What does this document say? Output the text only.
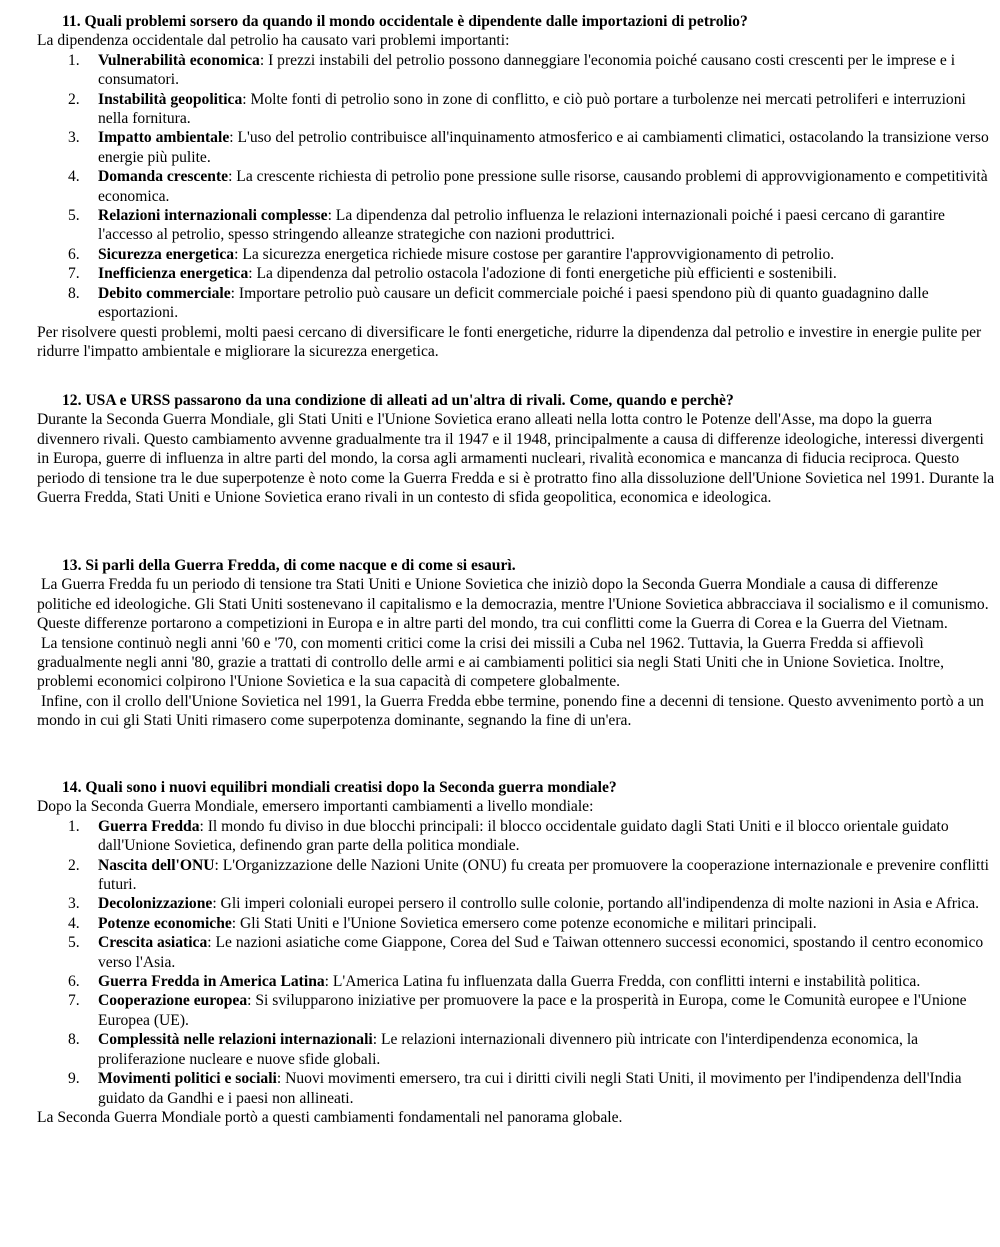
11. Quali problemi sorsero da quando il mondo occidentale è dipendente dalle importazioni di petrolio?

La dipendenza occidentale dal petrolio ha causato vari problemi importanti:

1. Vulnerabilità economica: I prezzi instabili del petrolio possono danneggiare l'economia poiché causano costi crescenti per le imprese e i consumatori.
2. Instabilità geopolitica: Molte fonti di petrolio sono in zone di conflitto, e ciò può portare a turbolenze nei mercati petroliferi e interruzioni nella fornitura.
3. Impatto ambientale: L'uso del petrolio contribuisce all'inquinamento atmosferico e ai cambiamenti climatici, ostacolando la transizione verso energie più pulite.
4. Domanda crescente: La crescente richiesta di petrolio pone pressione sulle risorse, causando problemi di approvvigionamento e competitività economica.
5. Relazioni internazionali complesse: La dipendenza dal petrolio influenza le relazioni internazionali poiché i paesi cercano di garantire l'accesso al petrolio, spesso stringendo alleanze strategiche con nazioni produttrici.
6. Sicurezza energetica: La sicurezza energetica richiede misure costose per garantire l'approvvigionamento di petrolio.
7. Inefficienza energetica: La dipendenza dal petrolio ostacola l'adozione di fonti energetiche più efficienti e sostenibili.
8. Debito commerciale: Importare petrolio può causare un deficit commerciale poiché i paesi spendono più di quanto guadagnino dalle esportazioni.

Per risolvere questi problemi, molti paesi cercano di diversificare le fonti energetiche, ridurre la dipendenza dal petrolio e investire in energie pulite per ridurre l'impatto ambientale e migliorare la sicurezza energetica.

12. USA e URSS passarono da una condizione di alleati ad un'altra di rivali. Come, quando e perchè?

Durante la Seconda Guerra Mondiale, gli Stati Uniti e l'Unione Sovietica erano alleati nella lotta contro le Potenze dell'Asse, ma dopo la guerra divennero rivali. Questo cambiamento avvenne gradualmente tra il 1947 e il 1948, principalmente a causa di differenze ideologiche, interessi divergenti in Europa, guerre di influenza in altre parti del mondo, la corsa agli armamenti nucleari, rivalità economica e mancanza di fiducia reciproca. Questo periodo di tensione tra le due superpotenze è noto come la Guerra Fredda e si è protratto fino alla dissoluzione dell'Unione Sovietica nel 1991. Durante la Guerra Fredda, Stati Uniti e Unione Sovietica erano rivali in un contesto di sfida geopolitica, economica e ideologica.

13. Si parli della Guerra Fredda, di come nacque e di come si esaurì.

La Guerra Fredda fu un periodo di tensione tra Stati Uniti e Unione Sovietica che iniziò dopo la Seconda Guerra Mondiale a causa di differenze politiche ed ideologiche. Gli Stati Uniti sostenevano il capitalismo e la democrazia, mentre l'Unione Sovietica abbracciava il socialismo e il comunismo. Queste differenze portarono a competizioni in Europa e in altre parti del mondo, tra cui conflitti come la Guerra di Corea e la Guerra del Vietnam.

La tensione continuò negli anni '60 e '70, con momenti critici come la crisi dei missili a Cuba nel 1962. Tuttavia, la Guerra Fredda si affievolì gradualmente negli anni '80, grazie a trattati di controllo delle armi e ai cambiamenti politici sia negli Stati Uniti che in Unione Sovietica. Inoltre, problemi economici colpirono l'Unione Sovietica e la sua capacità di competere globalmente.

Infine, con il crollo dell'Unione Sovietica nel 1991, la Guerra Fredda ebbe termine, ponendo fine a decenni di tensione. Questo avvenimento portò a un mondo in cui gli Stati Uniti rimasero come superpotenza dominante, segnando la fine di un'era.

14. Quali sono i nuovi equilibri mondiali creatisi dopo la Seconda guerra mondiale?

Dopo la Seconda Guerra Mondiale, emersero importanti cambiamenti a livello mondiale:

1. Guerra Fredda: Il mondo fu diviso in due blocchi principali: il blocco occidentale guidato dagli Stati Uniti e il blocco orientale guidato dall'Unione Sovietica, definendo gran parte della politica mondiale.
2. Nascita dell'ONU: L'Organizzazione delle Nazioni Unite (ONU) fu creata per promuovere la cooperazione internazionale e prevenire conflitti futuri.
3. Decolonizzazione: Gli imperi coloniali europei persero il controllo sulle colonie, portando all'indipendenza di molte nazioni in Asia e Africa.
4. Potenze economiche: Gli Stati Uniti e l'Unione Sovietica emersero come potenze economiche e militari principali.
5. Crescita asiatica: Le nazioni asiatiche come Giappone, Corea del Sud e Taiwan ottennero successi economici, spostando il centro economico verso l'Asia.
6. Guerra Fredda in America Latina: L'America Latina fu influenzata dalla Guerra Fredda, con conflitti interni e instabilità politica.
7. Cooperazione europea: Si svilupparono iniziative per promuovere la pace e la prosperità in Europa, come le Comunità europee e l'Unione Europea (UE).
8. Complessità nelle relazioni internazionali: Le relazioni internazionali divennero più intricate con l'interdipendenza economica, la proliferazione nucleare e nuove sfide globali.
9. Movimenti politici e sociali: Nuovi movimenti emersero, tra cui i diritti civili negli Stati Uniti, il movimento per l'indipendenza dell'India guidato da Gandhi e i paesi non allineati.

La Seconda Guerra Mondiale portò a questi cambiamenti fondamentali nel panorama globale.
